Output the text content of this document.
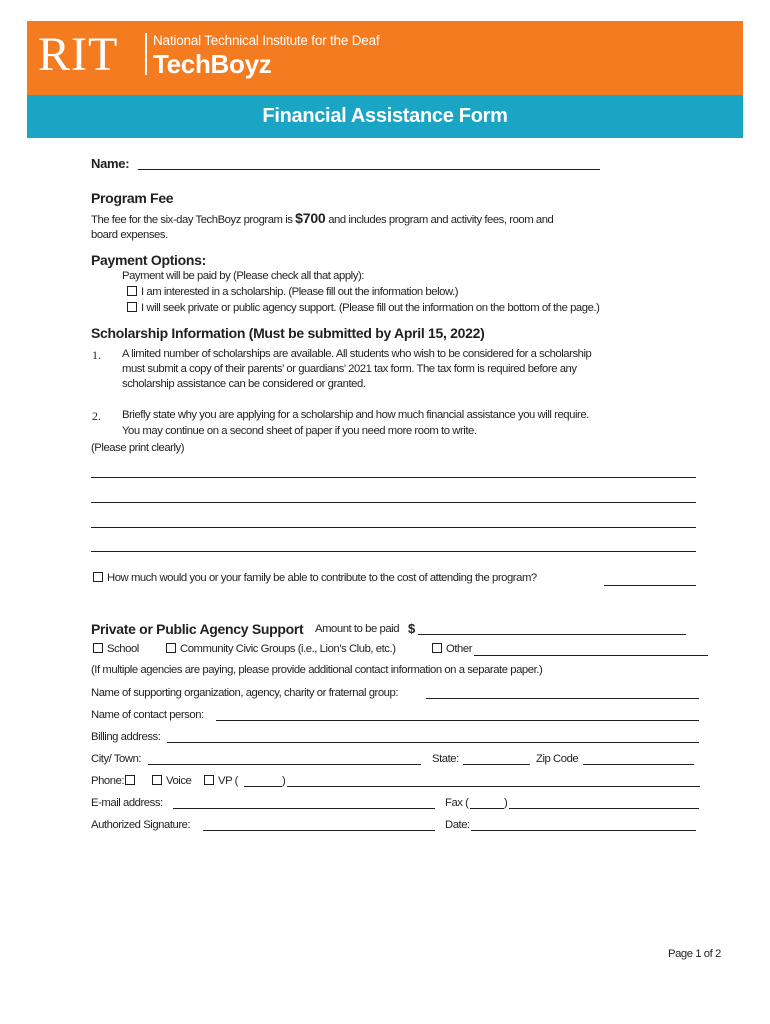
RIT	National Technical Institute for the Deaf
TechBoyz
Financial Assistance Form
Name:
Program Fee
The fee for the six-day TechBoyz program is $700 and includes program and activity fees, room and
board expenses.
Payment Options:
Payment will be paid by (Please check all that apply):
I am interested in a scholarship. (Please fill out the information below.)
I will seek private or public agency support. (Please fill out the information on the bottom of the page.)
Scholarship Information (Must be submitted by April 15, 2022)
1. A limited number of scholarships are available. All students who wish to be considered for a scholarship
must submit a copy of their parents’ or guardians’ 2021 tax form. The tax form is required before any
scholarship assistance can be considered or granted.
2. Briefly state why you are applying for a scholarship and how much financial assistance you will require.
You may continue on a second sheet of paper if you need more room to write.
(Please print clearly)
How much would you or your family be able to contribute to the cost of attending the program?
Private or Public Agency Support Amount to be paid $
School	Community Civic Groups (i.e., Lion’s Club, etc.)	Other
(If multiple agencies are paying, please provide additional contact information on a separate paper.)
Name of supporting organization, agency, charity or fraternal group:
Name of contact person:
Billing address:
City/ Town:	State:	Zip Code
Phone:	Voice	VP (	)
E-mail address:	Fax (	)
Authorized Signature:	Date:
Page 1 of 2
